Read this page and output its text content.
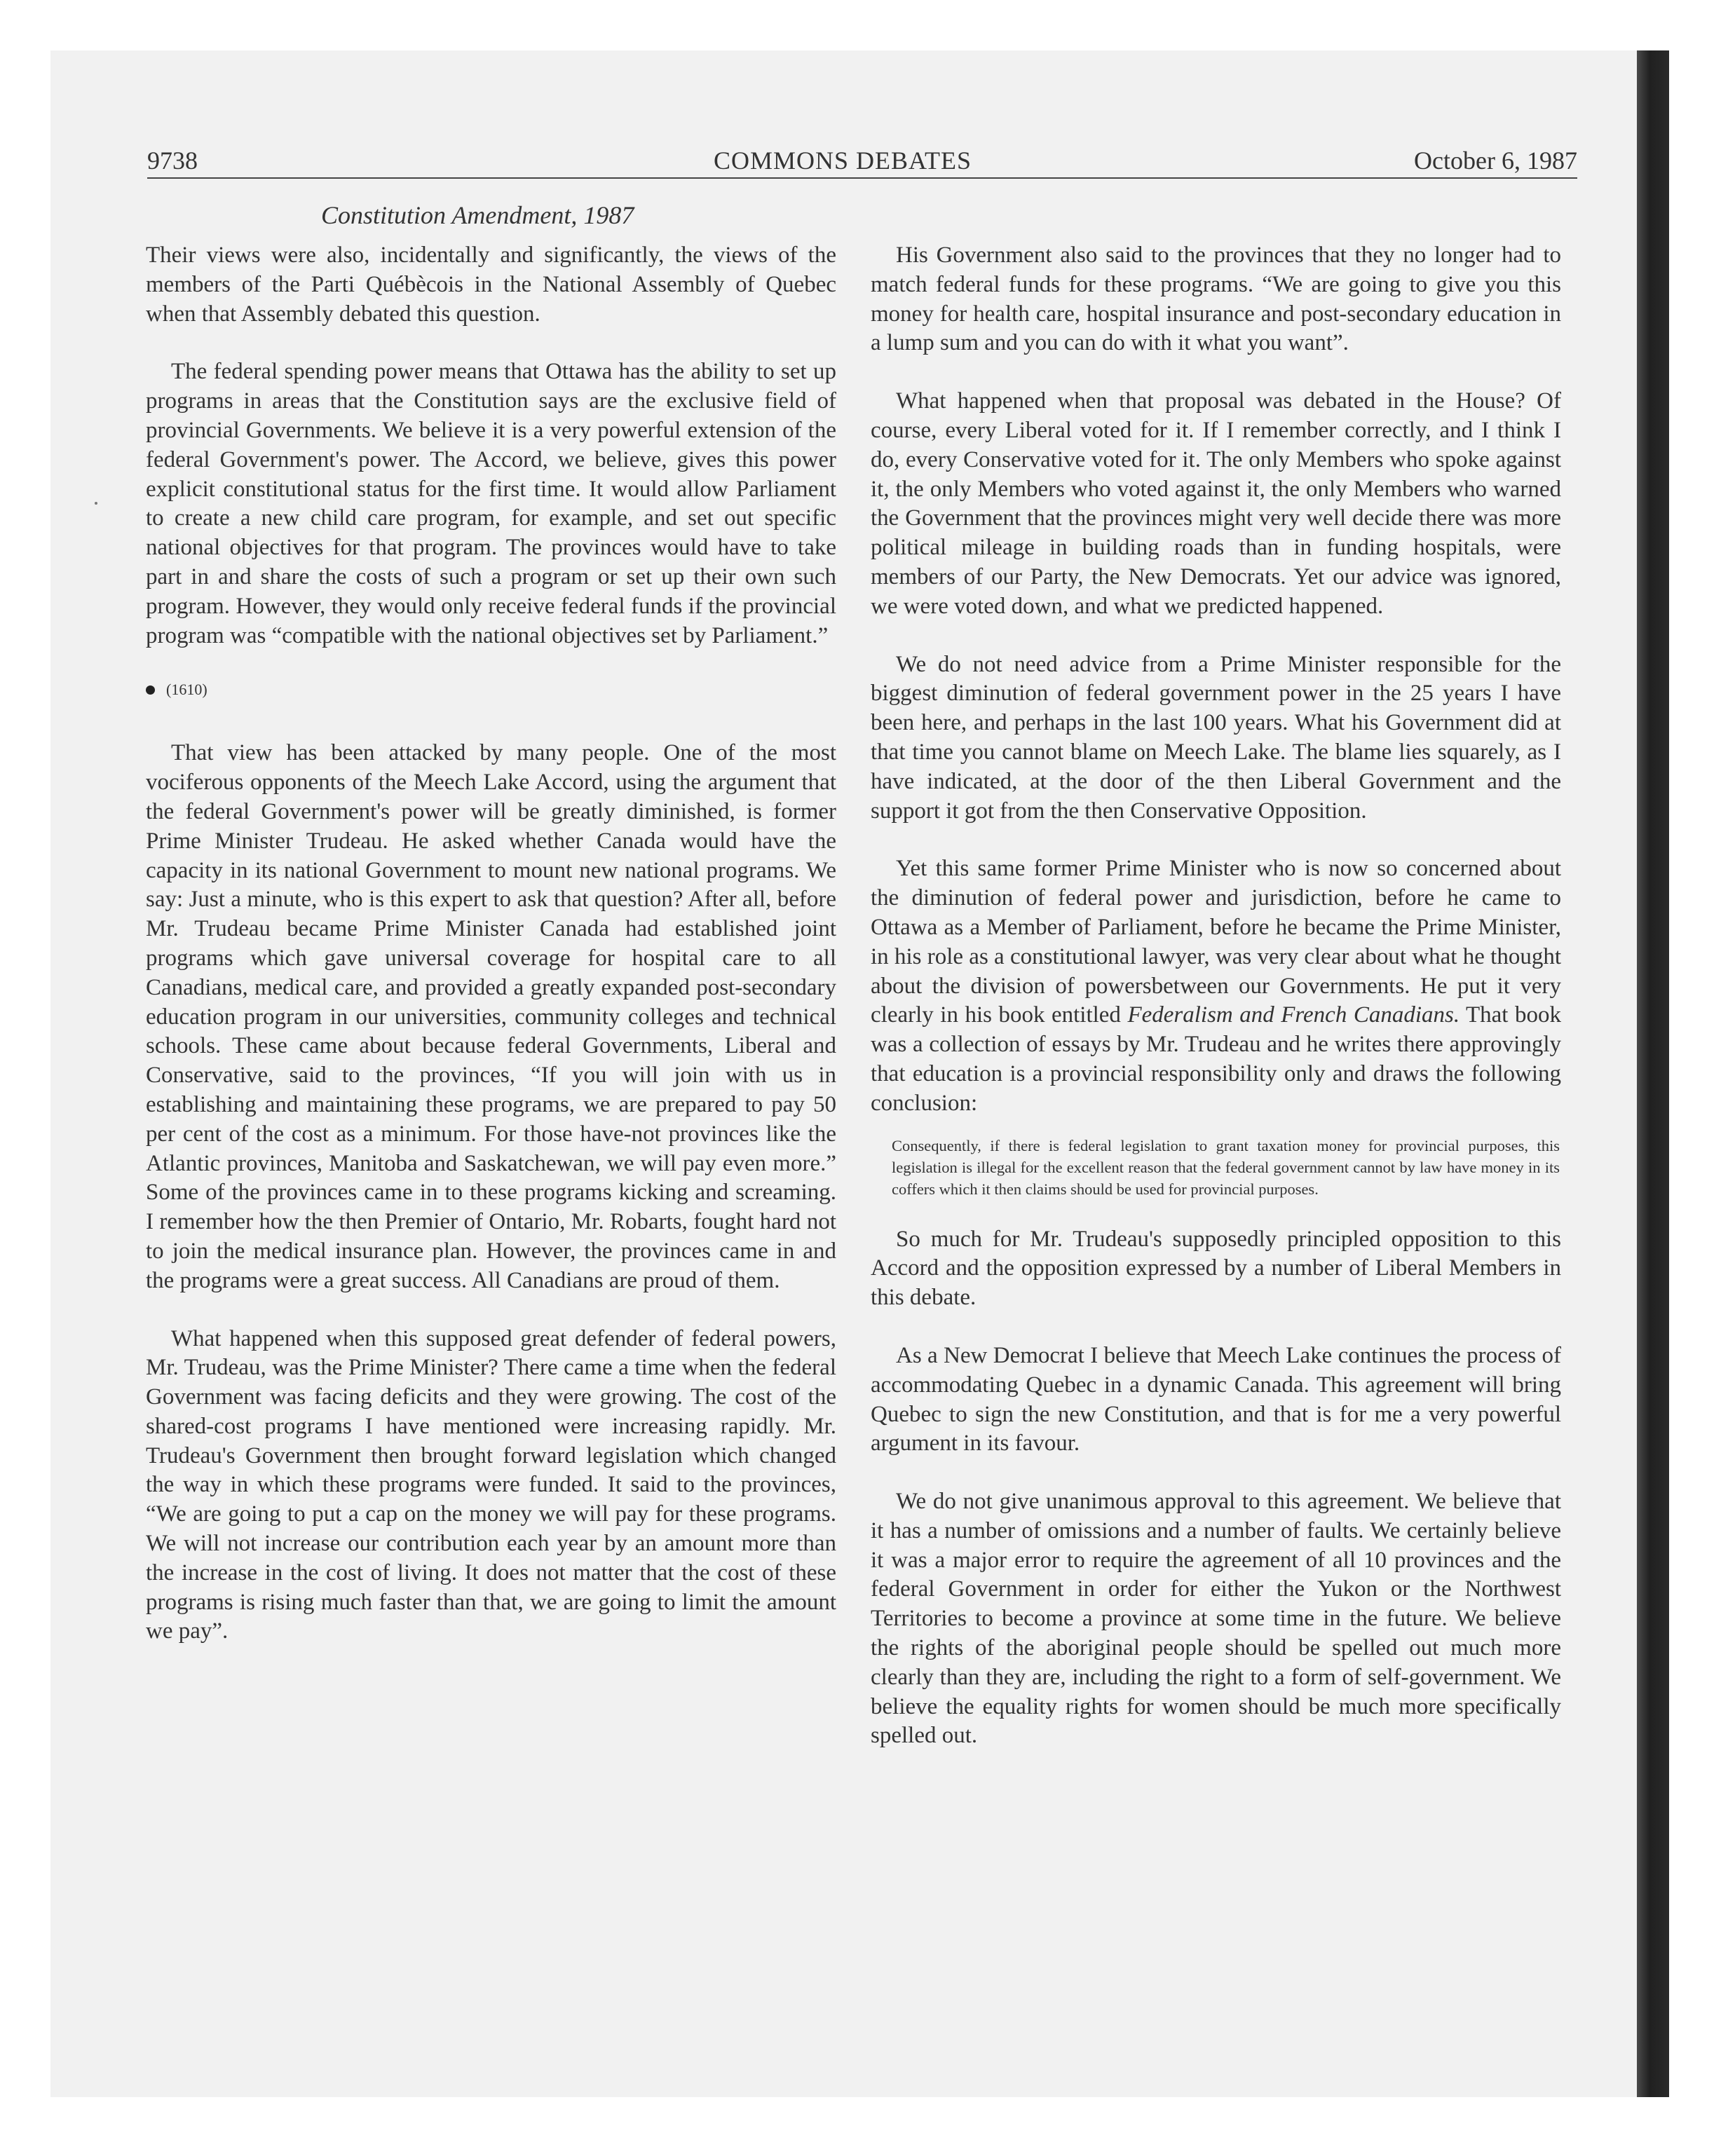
9738	COMMONS DEBATES	October 6, 1987
Constitution Amendment, 1987

Their views were also, incidentally and significantly, the views of the members of the Parti Québècois in the National Assembly of Quebec when that Assembly debated this question.

The federal spending power means that Ottawa has the ability to set up programs in areas that the Constitution says are the exclusive field of provincial Governments. We believe it is a very powerful extension of the federal Government's power. The Accord, we believe, gives this power explicit constitutional status for the first time. It would allow Parliament to create a new child care program, for example, and set out specific national objectives for that program. The provinces would have to take part in and share the costs of such a program or set up their own such program. However, they would only receive federal funds if the provincial program was “compatible with the national objectives set by Parliament.”

(1610)

That view has been attacked by many people. One of the most vociferous opponents of the Meech Lake Accord, using the argument that the federal Government's power will be greatly diminished, is former Prime Minister Trudeau. He asked whether Canada would have the capacity in its national Government to mount new national programs. We say: Just a minute, who is this expert to ask that question? After all, before Mr. Trudeau became Prime Minister Canada had established joint programs which gave universal coverage for hospital care to all Canadians, medical care, and provided a greatly expanded post-secondary education program in our universities, community colleges and technical schools. These came about because federal Governments, Liberal and Conservative, said to the provinces, “If you will join with us in establishing and maintaining these programs, we are prepared to pay 50 per cent of the cost as a minimum. For those have-not provinces like the Atlantic provinces, Manitoba and Saskatchewan, we will pay even more.” Some of the provinces came in to these programs kicking and screaming. I remember how the then Premier of Ontario, Mr. Robarts, fought hard not to join the medical insurance plan. However, the provinces came in and the programs were a great success. All Canadians are proud of them.

What happened when this supposed great defender of federal powers, Mr. Trudeau, was the Prime Minister? There came a time when the federal Government was facing deficits and they were growing. The cost of the shared-cost programs I have mentioned were increasing rapidly. Mr. Trudeau's Government then brought forward legislation which changed the way in which these programs were funded. It said to the provinces, “We are going to put a cap on the money we will pay for these programs. We will not increase our contribution each year by an amount more than the increase in the cost of living. It does not matter that the cost of these programs is rising much faster than that, we are going to limit the amount we pay”.

His Government also said to the provinces that they no longer had to match federal funds for these programs. “We are going to give you this money for health care, hospital insurance and post-secondary education in a lump sum and you can do with it what you want”.

What happened when that proposal was debated in the House? Of course, every Liberal voted for it. If I remember correctly, and I think I do, every Conservative voted for it. The only Members who spoke against it, the only Members who voted against it, the only Members who warned the Government that the provinces might very well decide there was more political mileage in building roads than in funding hospitals, were members of our Party, the New Democrats. Yet our advice was ignored, we were voted down, and what we predicted happened.

We do not need advice from a Prime Minister responsible for the biggest diminution of federal government power in the 25 years I have been here, and perhaps in the last 100 years. What his Government did at that time you cannot blame on Meech Lake. The blame lies squarely, as I have indicated, at the door of the then Liberal Government and the support it got from the then Conservative Opposition.

Yet this same former Prime Minister who is now so concerned about the diminution of federal power and jurisdiction, before he came to Ottawa as a Member of Parliament, before he became the Prime Minister, in his role as a constitutional lawyer, was very clear about what he thought about the division of powersbetween our Governments. He put it very clearly in his book entitled Federalism and French Canadians. That book was a collection of essays by Mr. Trudeau and he writes there approvingly that education is a provincial responsibility only and draws the following conclusion:

Consequently, if there is federal legislation to grant taxation money for provincial purposes, this legislation is illegal for the excellent reason that the federal government cannot by law have money in its coffers which it then claims should be used for provincial purposes.

So much for Mr. Trudeau's supposedly principled opposition to this Accord and the opposition expressed by a number of Liberal Members in this debate.

As a New Democrat I believe that Meech Lake continues the process of accommodating Quebec in a dynamic Canada. This agreement will bring Quebec to sign the new Constitution, and that is for me a very powerful argument in its favour.

We do not give unanimous approval to this agreement. We believe that it has a number of omissions and a number of faults. We certainly believe it was a major error to require the agreement of all 10 provinces and the federal Government in order for either the Yukon or the Northwest Territories to become a province at some time in the future. We believe the rights of the aboriginal people should be spelled out much more clearly than they are, including the right to a form of self-government. We believe the equality rights for women should be much more specifically spelled out.
